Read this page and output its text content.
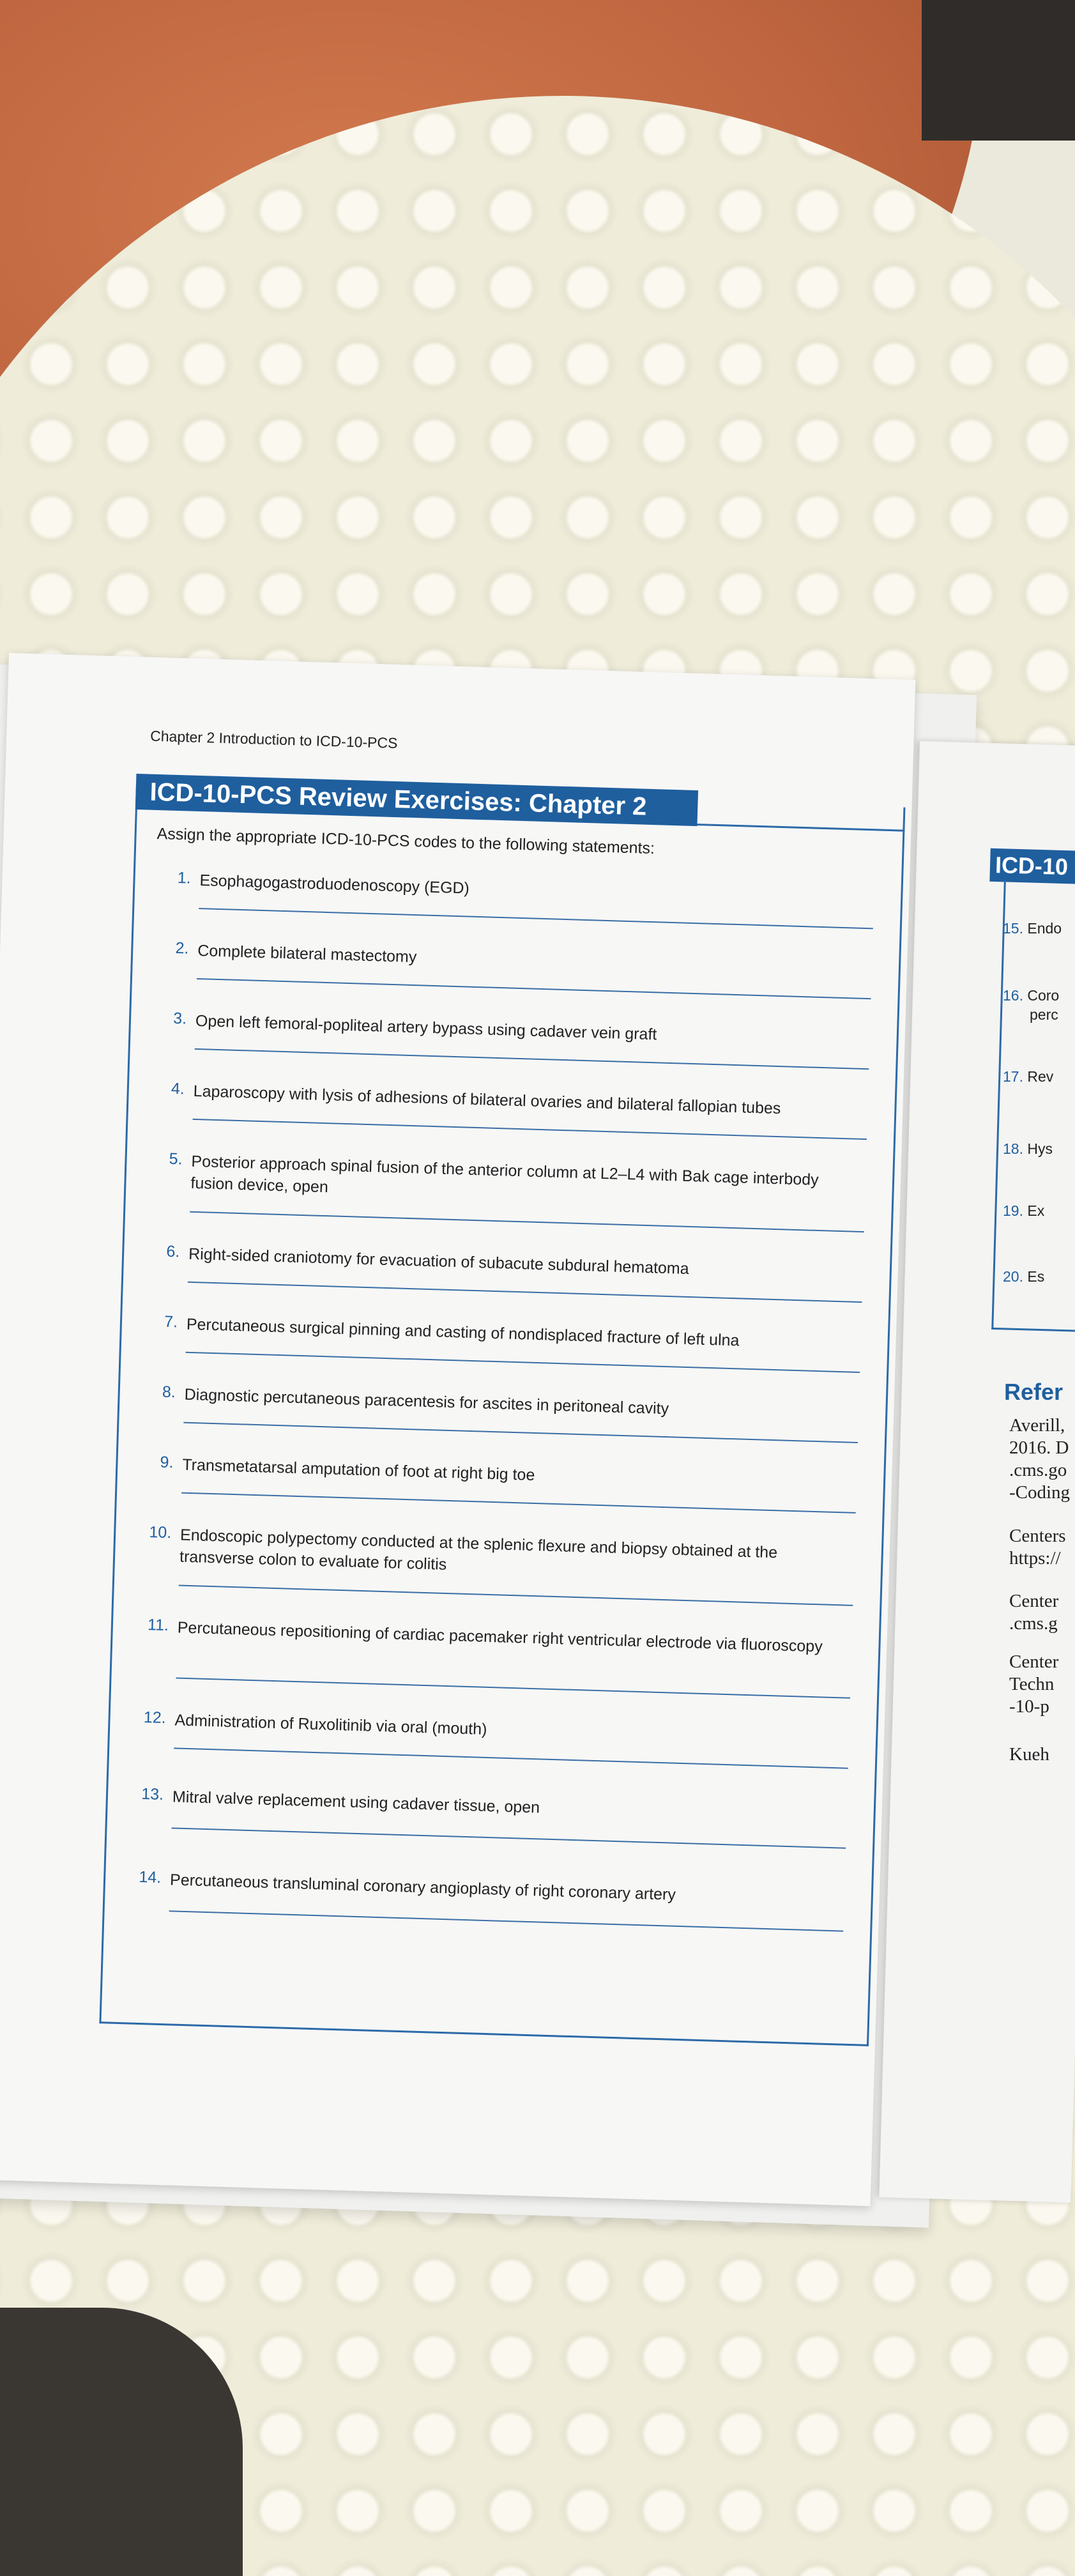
ICD-10
15. Endo
16. Coro
perc
17. Rev
18. Hys
19. Ex
20. Es
Refer
Averill,
2016. D
.cms.go
-Coding
Centers
https://
Center
.cms.g
Center
Techn
-10-p
Kueh
Chapter 2 Introduction to ICD-10-PCS
ICD-10-PCS Review Exercises: Chapter 2
Assign the appropriate ICD-10-PCS codes to the following statements:
1. Esophagogastroduodenoscopy (EGD)
2. Complete bilateral mastectomy
3. Open left femoral-popliteal artery bypass using cadaver vein graft
4. Laparoscopy with lysis of adhesions of bilateral ovaries and bilateral fallopian tubes
5. Posterior approach spinal fusion of the anterior column at L2–L4 with Bak cage interbody fusion device, open
6. Right-sided craniotomy for evacuation of subacute subdural hematoma
7. Percutaneous surgical pinning and casting of nondisplaced fracture of left ulna
8. Diagnostic percutaneous paracentesis for ascites in peritoneal cavity
9. Transmetatarsal amputation of foot at right big toe
10. Endoscopic polypectomy conducted at the splenic flexure and biopsy obtained at the transverse colon to evaluate for colitis
11. Percutaneous repositioning of cardiac pacemaker right ventricular electrode via fluoroscopy
12. Administration of Ruxolitinib via oral (mouth)
13. Mitral valve replacement using cadaver tissue, open
14. Percutaneous transluminal coronary angioplasty of right coronary artery
